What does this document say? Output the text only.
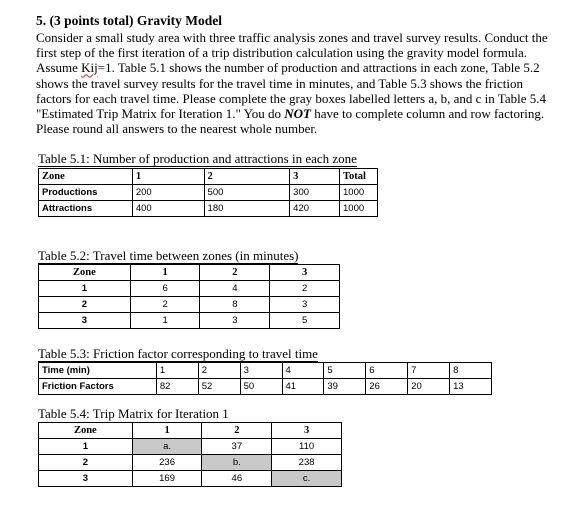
5. (3 points total) Gravity Model

Consider a small study area with three traffic analysis zones and travel survey results. Conduct the first step of the first iteration of a trip distribution calculation using the gravity model formula. Assume Kij=1. Table 5.1 shows the number of production and attractions in each zone, Table 5.2 shows the travel survey results for the travel time in minutes, and Table 5.3 shows the friction factors for each travel time. Please complete the gray boxes labelled letters a, b, and c in Table 5.4 "Estimated Trip Matrix for Iteration 1." You do NOT have to complete column and row factoring. Please round all answers to the nearest whole number.

Table 5.1: Number of production and attractions in each zone
Zone	1	2	3	Total
Productions	200	500	300	1000
Attractions	400	180	420	1000
Table 5.2: Travel time between zones (in minutes)
Zone	1	2	3
1	6	4	2
2	2	8	3
3	1	3	5
Table 5.3: Friction factor corresponding to travel time
Time (min)	1	2	3	4	5	6	7	8
Friction Factors	82	52	50	41	39	26	20	13
Table 5.4: Trip Matrix for Iteration 1
Zone	1	2	3
1	a.	37	110
2	236	b.	238
3	169	46	c.
